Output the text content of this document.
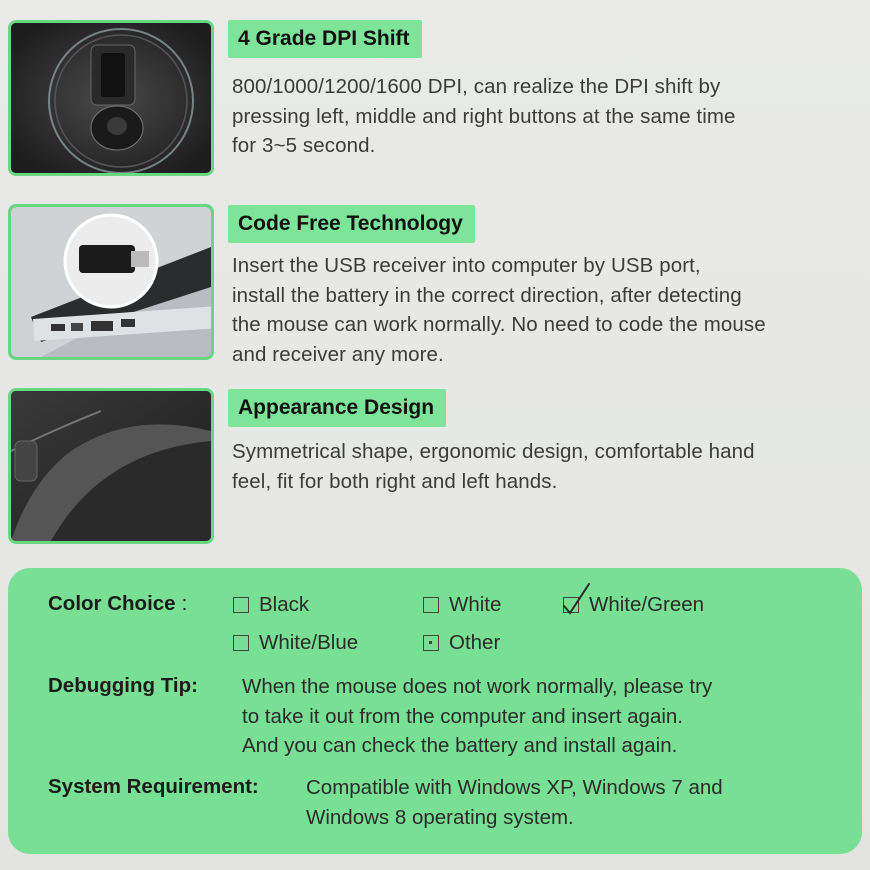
4 Grade DPI Shift
800/1000/1200/1600 DPI, can realize the DPI shift by
pressing left, middle and right buttons at the same time
for 3~5 second.
Code Free Technology
Insert the USB receiver into computer by USB port,
install the battery in the correct direction, after detecting
the mouse can work normally. No need to code the mouse
and receiver any more.
Appearance Design
Symmetrical shape, ergonomic design, comfortable hand
feel, fit for both right and left hands.
Color Choice :	Black	White	White/Green
White/Blue	Other
Debugging Tip: When the mouse does not work normally, please try
to take it out from the computer and insert again.
And you can check the battery and install again.
System Requirement: Compatible with Windows XP, Windows 7 and
Windows 8 operating system.
